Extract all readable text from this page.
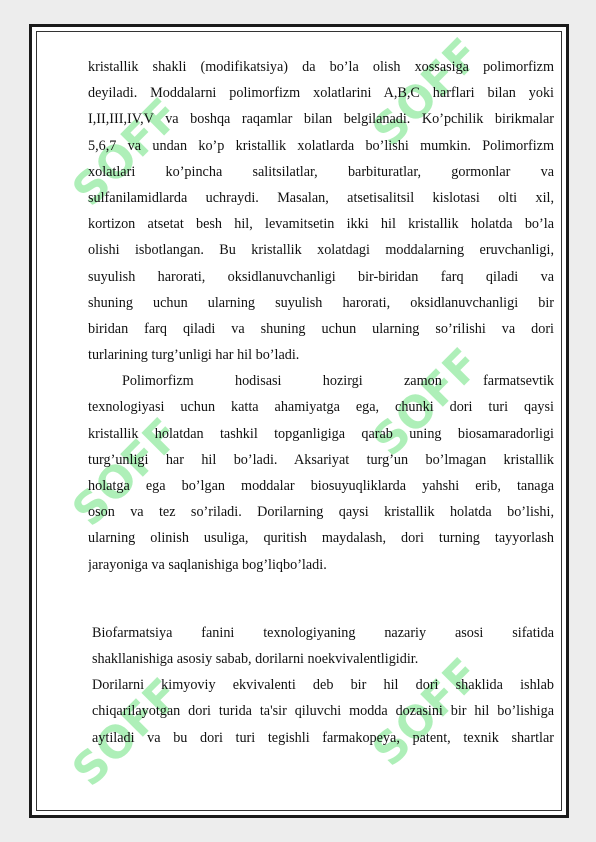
SOFF	SOFF
SOFF
SOFF
SOFF	SOFF
kristallik shakli (modifikatsiya) da bo’la olish xossasiga polimorfizm
deyiladi. Moddalarni polimorfizm xolatlarini A,B,C harflari bilan yoki
I,II,III,IV,V va boshqa raqamlar bilan belgilanadi. Ko’pchilik birikmalar
5,6,7 va undan ko’p kristallik xolatlarda bo’lishi mumkin. Polimorfizm
xolatlari ko’pincha salitsilatlar, barbituratlar, gormonlar va
sulfanilamidlarda uchraydi. Masalan, atsetisalitsil kislotasi olti xil,
kortizon atsetat besh hil, levamitsetin ikki hil kristallik holatda bo’la
olishi isbotlangan. Bu kristallik xolatdagi moddalarning eruvchanligi,
suyulish harorati, oksidlanuvchanligi bir-biridan farq qiladi va
shuning uchun ularning suyulish harorati, oksidlanuvchanligi bir
biridan farq qiladi va shuning uchun ularning so’rilishi va dori
turlarining turg’unligi har hil bo’ladi.
Polimorfizm hodisasi hozirgi zamon farmatsevtik
texnologiyasi uchun katta ahamiyatga ega, chunki dori turi qaysi
kristallik holatdan tashkil topganligiga qarab uning biosamaradorligi
turg’unligi har hil bo’ladi. Aksariyat turg’un bo’lmagan kristallik
holatga ega bo’lgan moddalar biosuyuqliklarda yahshi erib, tanaga
oson va tez so’riladi. Dorilarning qaysi kristallik holatda bo’lishi,
ularning olinish usuliga, quritish maydalash, dori turning tayyorlash
jarayoniga va saqlanishiga bog’liqbo’ladi.
Biofarmatsiya fanini texnologiyaning nazariy asosi sifatida
shakllanishiga asosiy sabab, dorilarni noekvivalentligidir.
Dorilarni kimyoviy ekvivalenti deb bir hil dori shaklida ishlab
chiqarilayotgan dori turida ta'sir qiluvchi modda dozasini bir hil bo’lishiga
aytiladi va bu dori turi tegishli farmakopeya, patent, texnik shartlar
